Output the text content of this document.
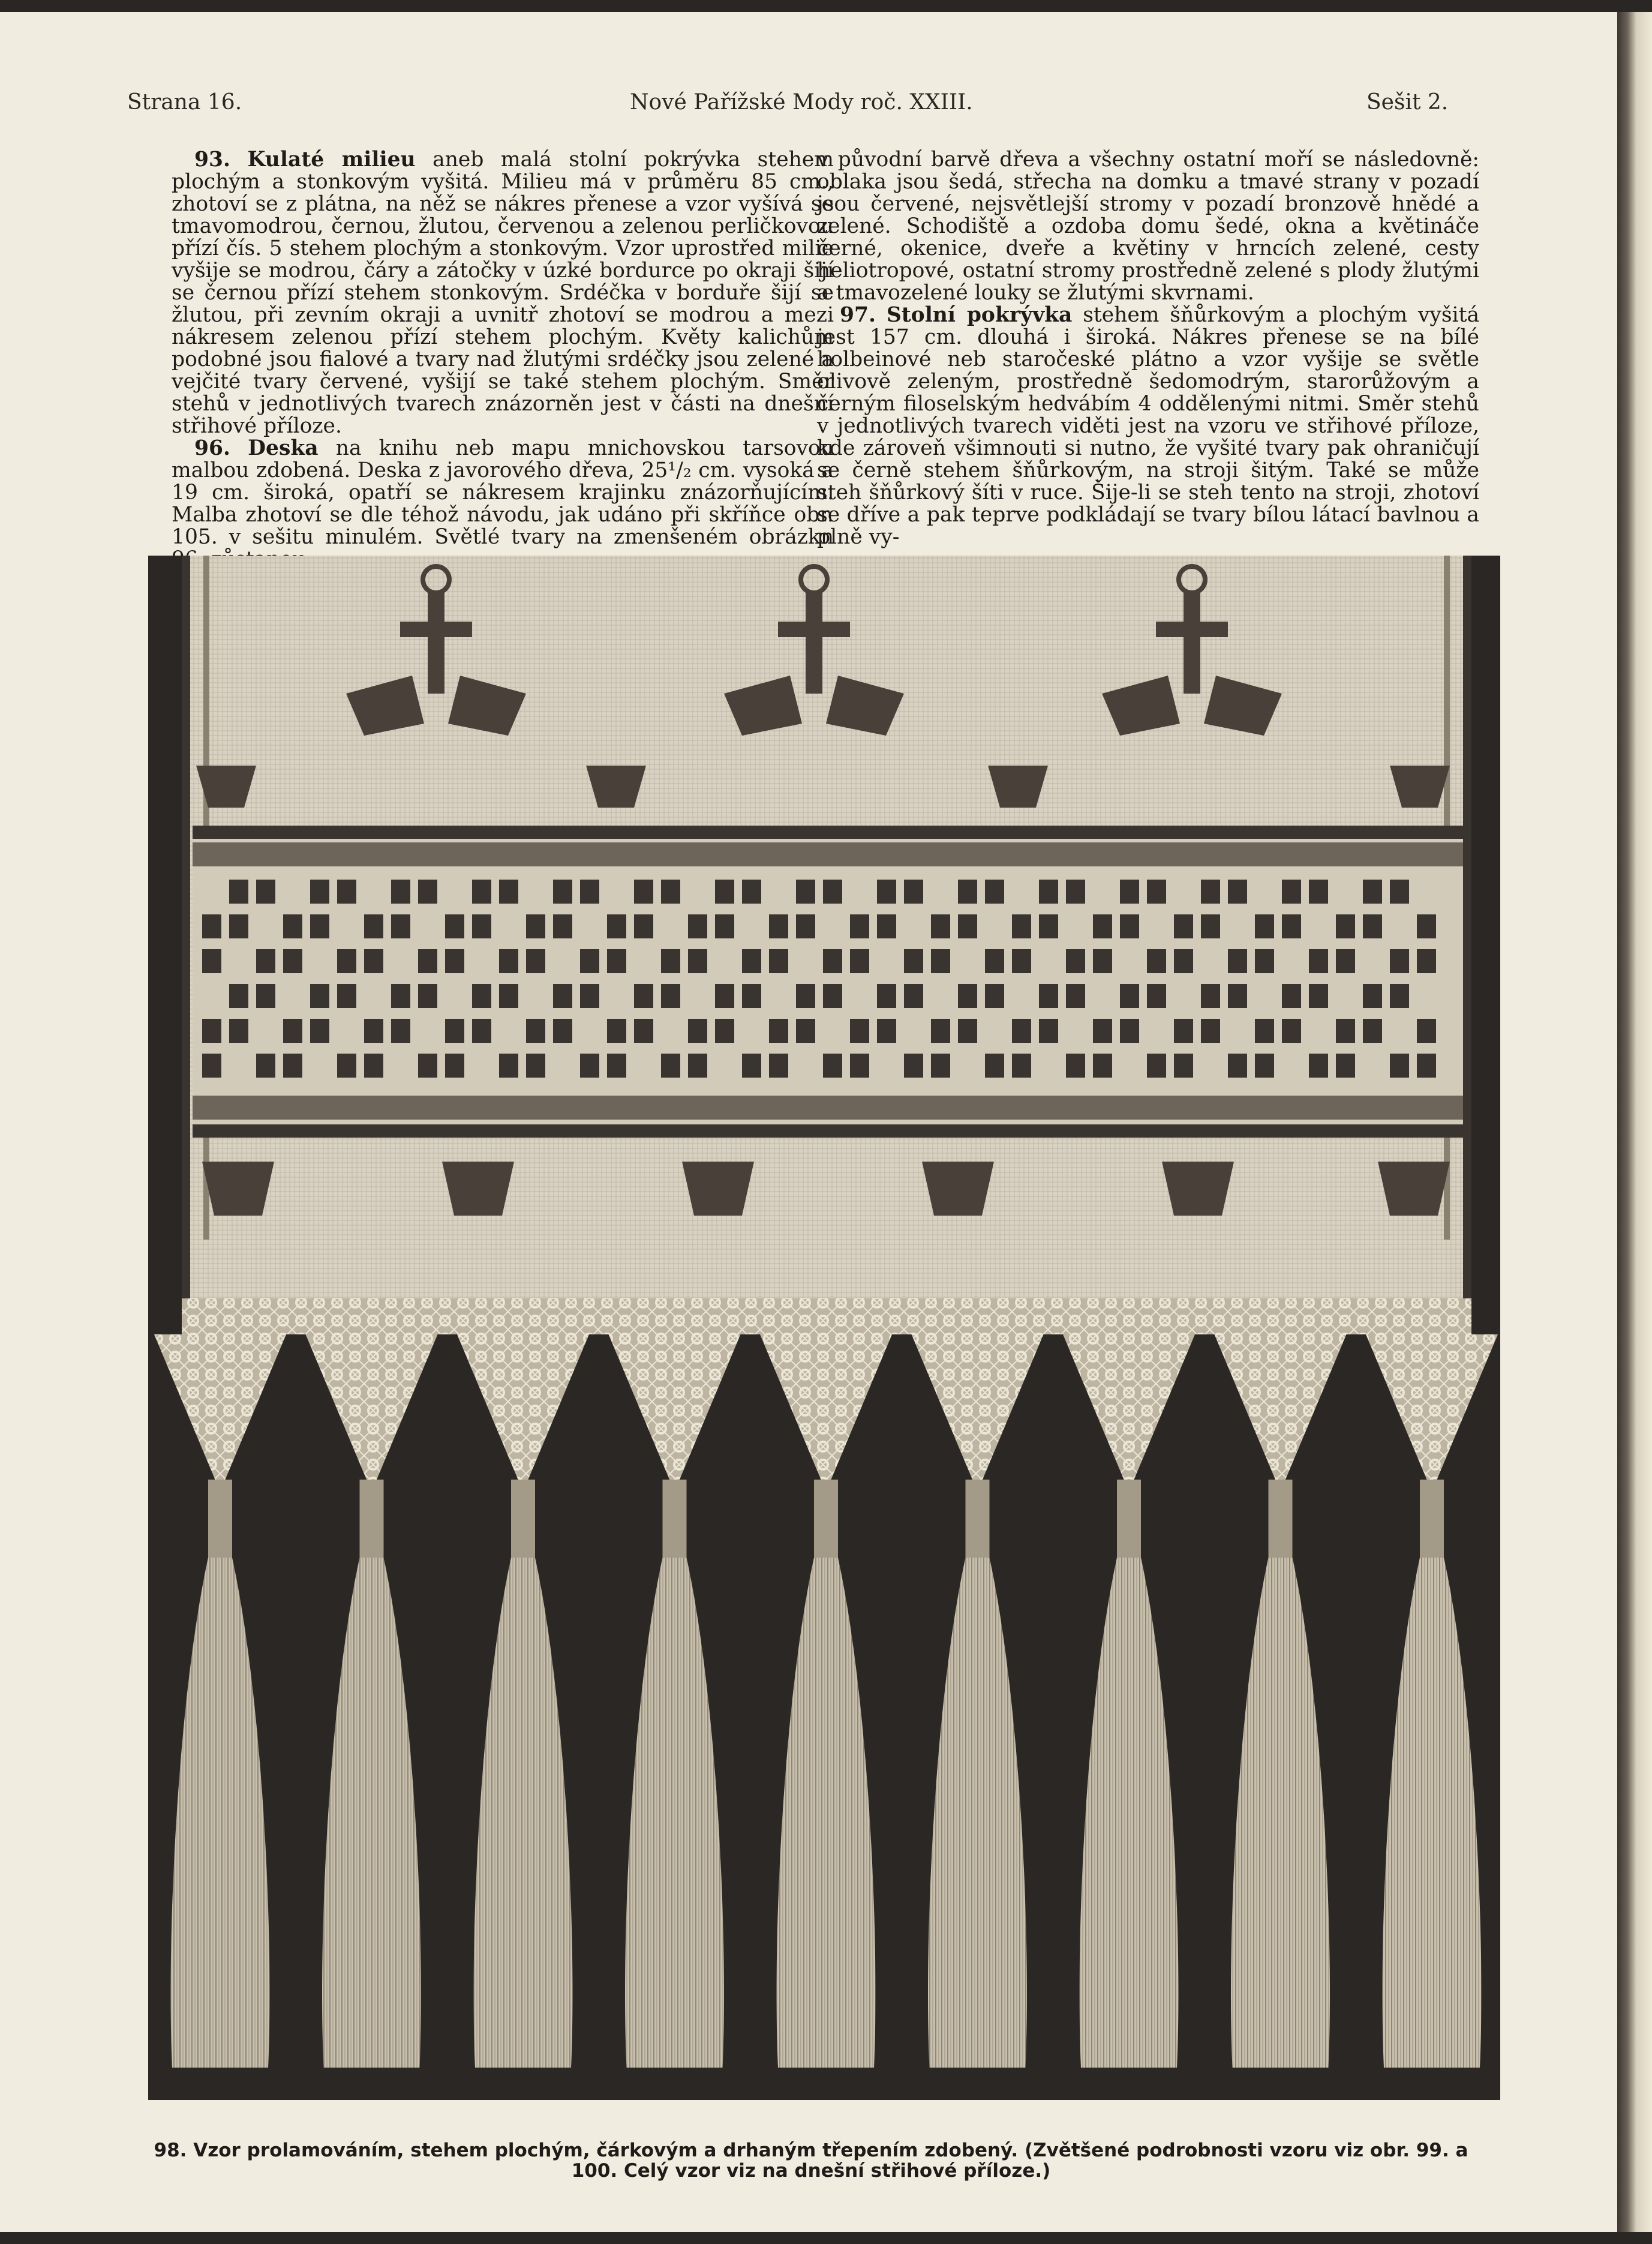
Strana 16.	Nové Pařížské Mody roč. XXIII.	Sešit 2.

93. Kulaté milieu aneb malá stolní pokrývka stehem plochým a stonkovým vyšitá. Milieu má v průměru 85 cm., zhotoví se z plátna, na něž se nákres přenese a vzor vyšívá se tmavomodrou, černou, žlutou, červenou a zelenou perličkovou přízí čís. 5 stehem plochým a stonkovým. Vzor uprostřed milie vyšije se modrou, čáry a zátočky v úzké bordurce po okraji šijí se černou přízí stehem stonkovým. Srdéčka v borduře šijí se žlutou, při zevním okraji a uvnitř zhotoví se modrou a mezi nákresem zelenou přízí stehem plochým. Květy kalichům podobné jsou fialové a tvary nad žlutými srdéčky jsou zelené a vejčité tvary červené, vyšijí se také stehem plochým. Směr stehů v jednotlivých tvarech znázorněn jest v části na dnešní střihové příloze.

96. Deska na knihu neb mapu mnichovskou tarsovou malbou zdobená. Deska z javorového dřeva, 25¹/₂ cm. vysoká a 19 cm. široká, opatří se nákresem krajinku znázorňujícím. Malba zhotoví se dle téhož návodu, jak udáno při skříňce obr. 105. v sešitu minulém. Světlé tvary na zmenšeném obrázkn

v původní barvě dřeva a všechny ostatní moří se následovně: oblaka jsou šedá, střecha na domku a tmavé strany v pozadí jsou červené, nejsvětlejší stromy v pozadí bronzově hnědé a zelené. Schodiště a ozdoba domu šedé, okna a květináče černé, okenice, dveře a květiny v hrncích zelené, cesty heliotropové, ostatní stromy prostředně zelené s plody žlutými a tmavozelené louky se žlutými skvrnami.

97. Stolní pokrývka stehem šňůrkovým a plochým vyšitá jest 157 cm. dlouhá i široká. Nákres přenese se na bílé holbeinové neb staročeské plátno a vzor vyšije se světle olivově zeleným, prostředně šedomodrým, starorůžovým a černým filoselským hedvábím 4 oddělenými nitmi. Směr stehů v jednotlivých tvarech viděti jest na vzoru ve střihové příloze, kde zároveň všimnouti si nutno, že vyšité tvary pak ohraničují se černě stehem šňůrkovým, na stroji šitým. Také se může steh šňůrkový šíti v ruce. Šije-li se steh tento na stroji, zhotoví se dříve a pak teprve podkládají se tvary bílou látací bavlnou a plně vy-

98. Vzor prolamováním, stehem plochým, čárkovým a drhaným třepením zdobený. (Zvětšené podrobnosti vzoru viz obr. 99. a 100. Celý vzor viz na dnešní střihové příloze.)
